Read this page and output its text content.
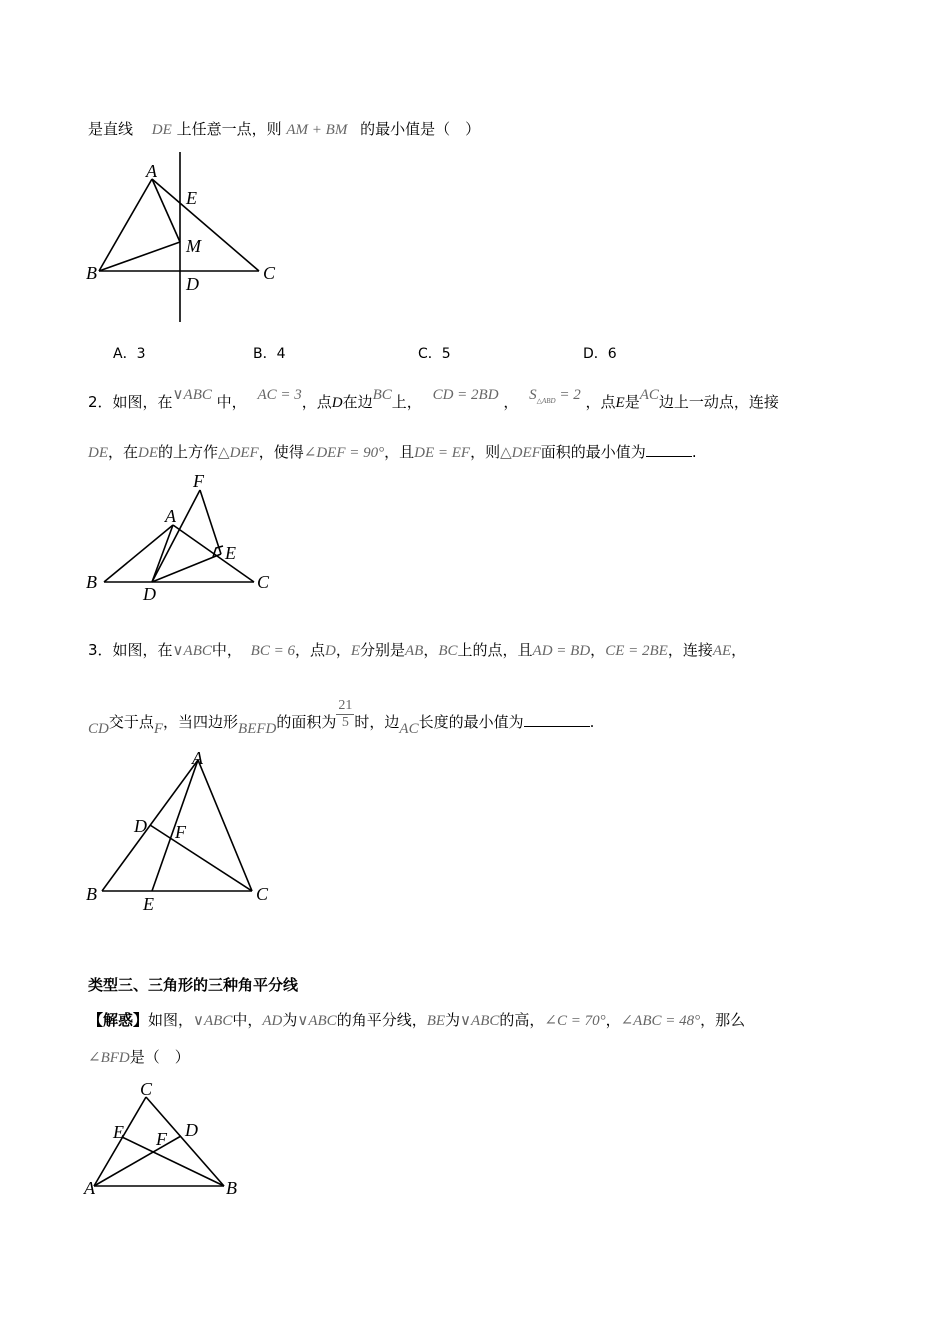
是直线 DE 上任意一点，则 AM + BM 的最小值是（　）
A
E
M
B
D
C
A．3	B．4	C．5	D．6
2．如图，在∨ABC 中， AC = 3，点D在边BC上， CD = 2BD ， $S_{\triangle ABD} = 2$ ，点E是AC边上一动点，连接
DE，在DE的上方作△DEF，使得∠DEF = 90°，且DE = EF，则△DEF面积的最小值为	.
F
A
E
B
D
C
3．如图，在∨ABC中， BC = 6，点D，E分别是AB，BC上的点，且AD = BD，CE = 2BE，连接AE，
CD交于点F，当四边形BEFD的面积为 $\frac{21}{5}$ 时，边AC长度的最小值为	.
A
D F
B	E	C
类型三、三角形的三种角平分线
【解惑】如图，∨ABC中，AD为∨ABC的角平分线，BE为∨ABC的高，∠C = 70°，∠ABC = 48°，那么
∠BFD是（　）
C
E	D
F
A	B
